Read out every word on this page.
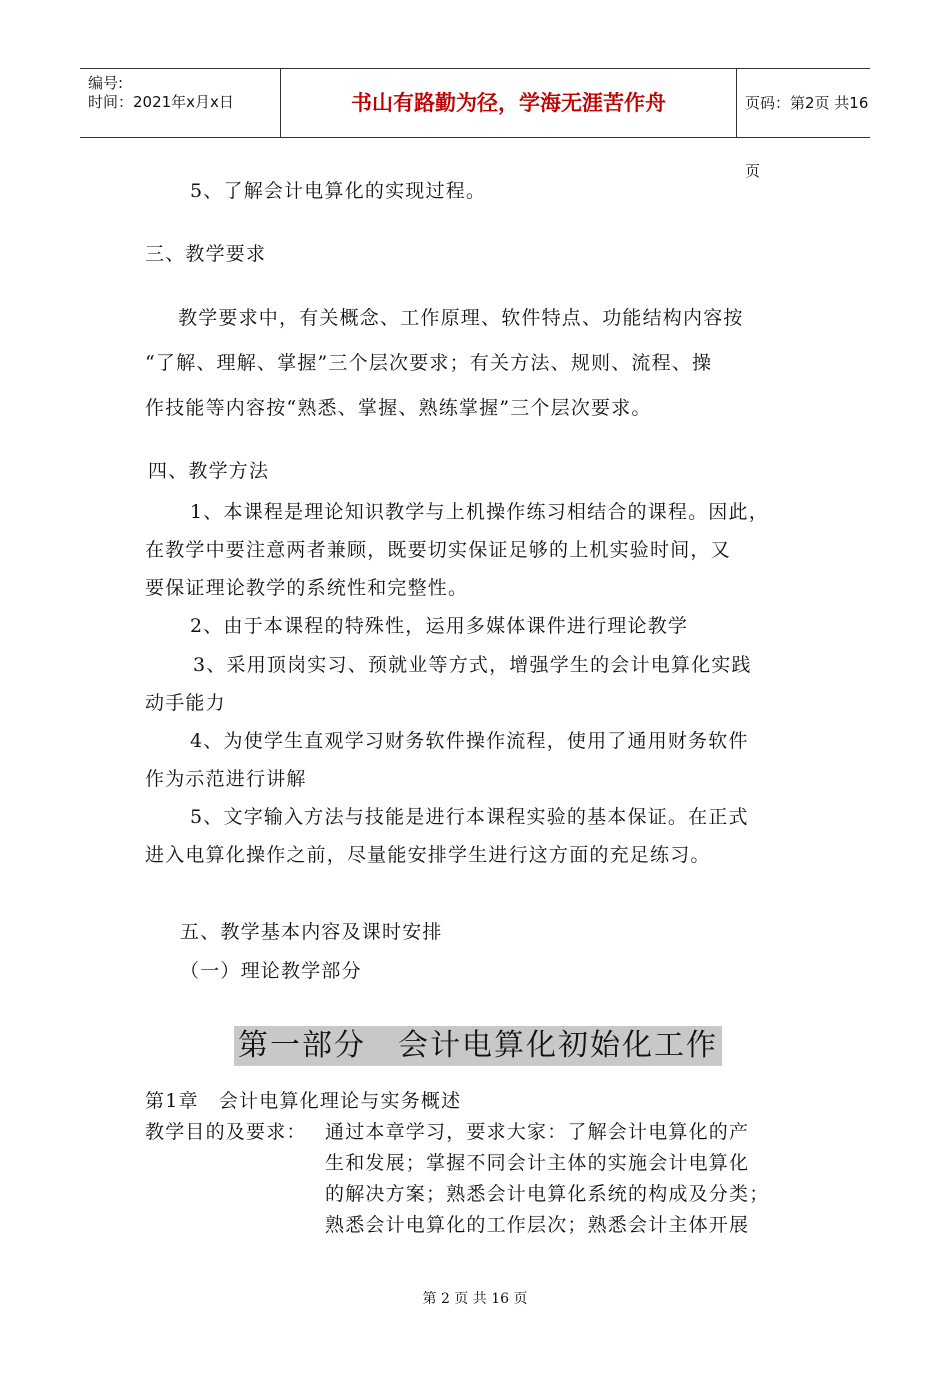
编号:
时间：2021年x月x日	书山有路勤为径，学海无涯苦作舟	页码：第2页 共16页
5、了解会计电算化的实现过程。
三、教学要求
教学要求中，有关概念、工作原理、软件特点、功能结构内容按
“了解、理解、掌握”三个层次要求；有关方法、规则、流程、操
作技能等内容按“熟悉、掌握、熟练掌握”三个层次要求。
四、教学方法
1、本课程是理论知识教学与上机操作练习相结合的课程。因此，
在教学中要注意两者兼顾，既要切实保证足够的上机实验时间，又
要保证理论教学的系统性和完整性。
2、由于本课程的特殊性，运用多媒体课件进行理论教学
3、采用顶岗实习、预就业等方式，增强学生的会计电算化实践
动手能力
4、为使学生直观学习财务软件操作流程，使用了通用财务软件
作为示范进行讲解
5、文字输入方法与技能是进行本课程实验的基本保证。在正式
进入电算化操作之前，尽量能安排学生进行这方面的充足练习。
五、教学基本内容及课时安排
（一）理论教学部分
第一部分　会计电算化初始化工作
第1章　会计电算化理论与实务概述
教学目的及要求： 通过本章学习，要求大家：了解会计电算化的产
生和发展；掌握不同会计主体的实施会计电算化
的解决方案；熟悉会计电算化系统的构成及分类；
熟悉会计电算化的工作层次；熟悉会计主体开展
第 2 页 共 16 页
